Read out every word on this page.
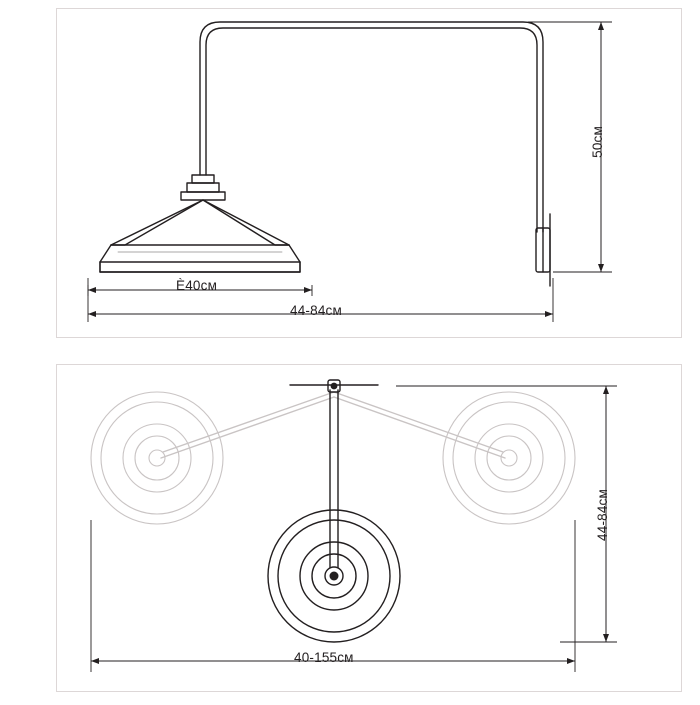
Ѐ40см
44-84см
50см
40-155см
44-84см
